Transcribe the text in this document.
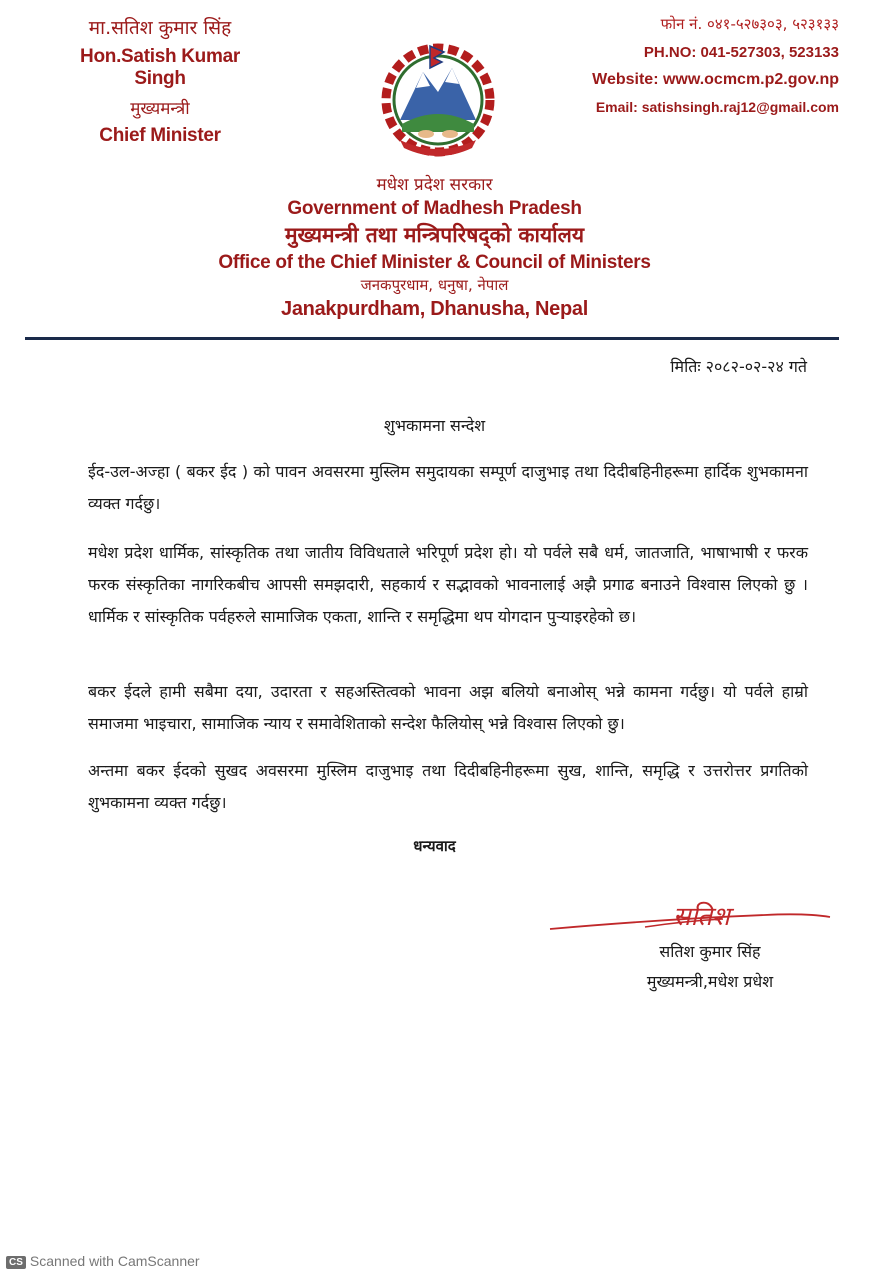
मा.सतिश कुमार सिंह
Hon.Satish Kumar Singh
मुख्यमन्त्री
Chief Minister
फोन नं. ०४१-५२७३०३, ५२३१३३
PH.NO: 041-527303, 523133
Website: www.ocmcm.p2.gov.np
Email: satishsingh.raj12@gmail.com
मधेश प्रदेश सरकार
Government of Madhesh Pradesh
मुख्यमन्त्री तथा मन्त्रिपरिषद्को कार्यालय
Office of the Chief Minister & Council of Ministers
जनकपुरधाम, धनुषा, नेपाल
Janakpurdham, Dhanusha, Nepal
मितिः २०८२-०२-२४ गते
शुभकामना सन्देश
ईद-उल-अज्हा ( बकर ईद ) को पावन अवसरमा मुस्लिम समुदायका सम्पूर्ण दाजुभाइ तथा दिदीबहिनीहरूमा हार्दिक शुभकामना व्यक्त गर्दछु।
मधेश प्रदेश धार्मिक, सांस्कृतिक तथा जातीय विविधताले भरिपूर्ण प्रदेश हो। यो पर्वले सबै धर्म, जातजाति, भाषाभाषी र फरक फरक संस्कृतिका नागरिकबीच आपसी समझदारी, सहकार्य र सद्भावको भावनालाई अझै प्रगाढ बनाउने विश्वास लिएको छु । धार्मिक र सांस्कृतिक पर्वहरुले सामाजिक एकता, शान्ति र समृद्धिमा थप योगदान पुऱ्याइरहेको छ।
बकर ईदले हामी सबैमा दया, उदारता र सहअस्तित्वको भावना अझ बलियो बनाओस् भन्ने कामना गर्दछु। यो पर्वले हाम्रो समाजमा भाइचारा, सामाजिक न्याय र समावेशिताको सन्देश फैलियोस् भन्ने विश्वास लिएको छु।
अन्तमा बकर ईदको सुखद अवसरमा मुस्लिम दाजुभाइ तथा दिदीबहिनीहरूमा सुख, शान्ति, समृद्धि र उत्तरोत्तर प्रगतिको शुभकामना व्यक्त गर्दछु।
धन्यवाद
सतिश
सतिश कुमार सिंह
मुख्यमन्त्री,मधेश प्रधेश
CS Scanned with CamScanner
